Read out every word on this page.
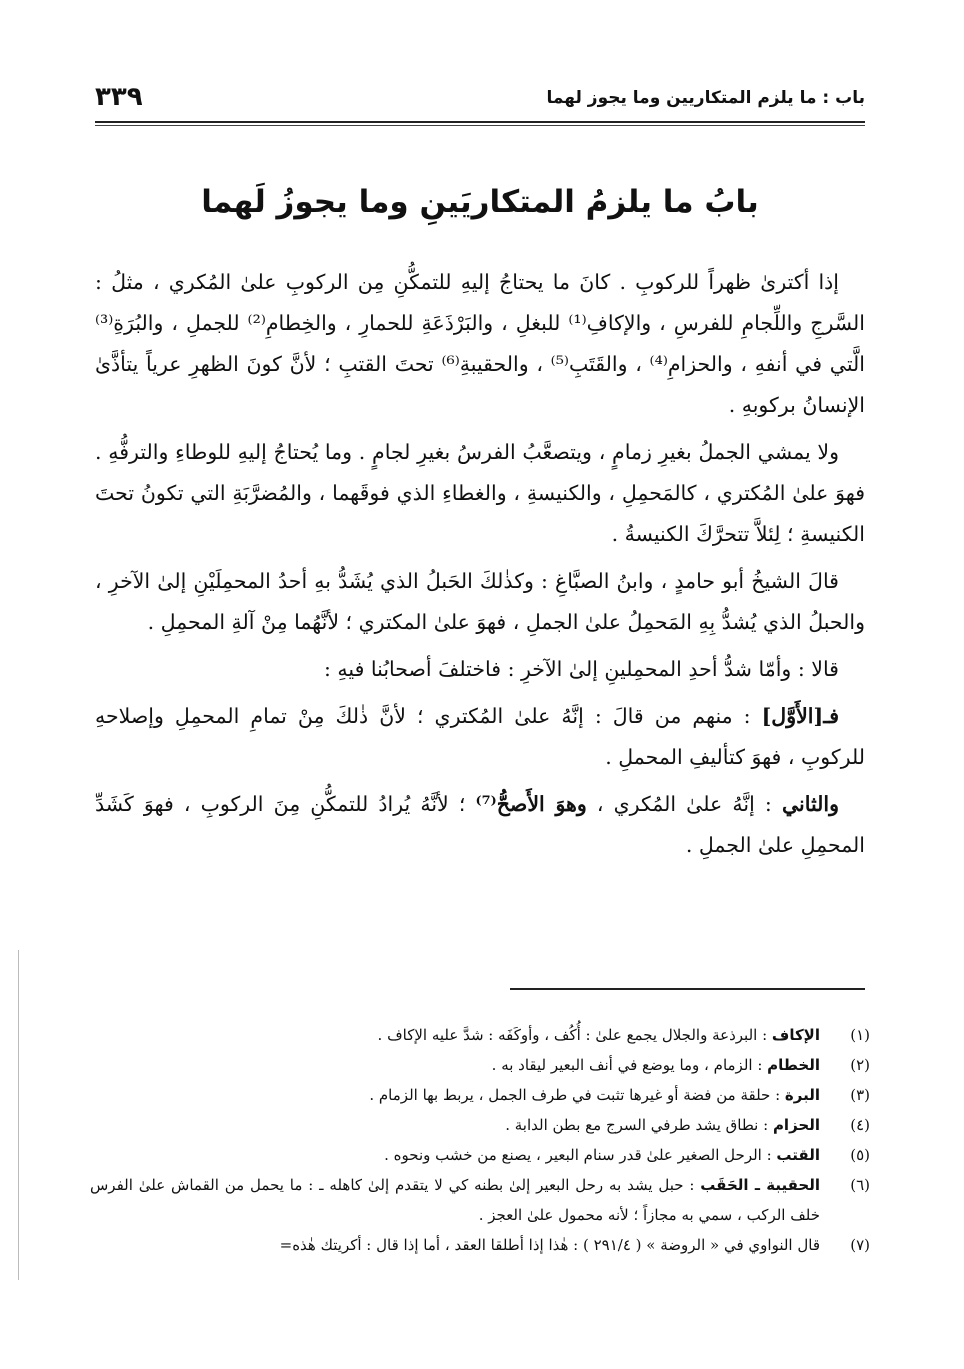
باب : ما يلزم المتكاريين وما يجوز لهما
٣٣٩
بابُ ما يلزمُ المتكاريَينِ وما يجوزُ لَهما

إذا أكترىٰ ظهراً للركوبِ . كانَ ما يحتاجُ إليهِ للتمكُّنِ مِن الركوبِ علىٰ المُكري ، مثلُ : السَّرجِ واللِّجامِ للفرسِ ، والإكافِ⁽¹⁾ للبغلِ ، والبَرْذَعَةِ للحمارِ ، والخِطامِ⁽²⁾ للجملِ ، والبُرَةِ⁽³⁾ الَّتي في أنفهِ ، والحزامِ⁽⁴⁾ ، والقَتَبِ⁽⁵⁾ ، والحقيبةِ⁽⁶⁾ تحتَ القتبِ ؛ لأنَّ كونَ الظهرِ عرياً يتأذَّىٰ الإنسانُ بركوبهِ .

ولا يمشي الجملُ بغيرِ زمامٍ ، ويتصعَّبُ الفرسُ بغيرِ لجامٍ . وما يُحتاجُ إليهِ للوطاءِ والترفُّهِ . فهوَ علىٰ المُكتري ، كالمَحمِلِ ، والكنيسةِ ، والغطاءِ الذي فوقَهما ، والمُضرَّبَةِ التي تكونُ تحتَ الكنيسةِ ؛ لِئلاَّ تتحرَّكَ الكنيسةُ .

قالَ الشيخُ أبو حامدٍ ، وابنُ الصبَّاغِ : وكذٰلكَ الحَبلُ الذي يُشَدُّ بهِ أحدُ المحمِلَيْنِ إلىٰ الآخرِ ، والحبلُ الذي يُشدُّ بِهِ المَحمِلُ علىٰ الجملِ ، فهوَ علىٰ المكتري ؛ لأنَّهُما مِنْ آلةِ المحمِلِ .

قالا : وأمّا شدُّ أحدِ المحمِلينِ إلىٰ الآخرِ : فاختلفَ أصحابُنا فيهِ :

فـ[الأَوَّل] : منهم من قالَ : إنَّهُ علىٰ المُكتري ؛ لأنَّ ذٰلكَ مِنْ تمامِ المحمِلِ وإصلاحهِ للركوبِ ، فهوَ كتأليفِ المحملِ .

والثاني : إنَّهُ علىٰ المُكري ، وهوَ الأَصحُّ⁽⁷⁾ ؛ لأنَّهُ يُرادُ للتمكُّنِ مِنَ الركوبِ ، فهوَ كَشَدِّ المحمِلِ علىٰ الجملِ .

(١)
الإكاف : البرذعة والجلال يجمع علىٰ : أُكُف ، وأوكَفَه : شدَّ عليه الإكاف .
(٢)
الخطام : الزمام ، وما يوضع في أنف البعير ليقاد به .
(٣)
البرة : حلقة من فضة أو غيرها تثبت في طرف الجمل ، يربط بها الزمام .
(٤)
الحزام : نطاق يشد طرفي السرج مع بطن الدابة .
(٥)
القتب : الرحل الصغير علىٰ قدر سنام البعير ، يصنع من خشب ونحوه .
(٦)
الحقيبة ـ الحَقَب : حبل يشد به رحل البعير إلىٰ بطنه كي لا يتقدم إلىٰ كاهله ـ : ما يحمل من القماش علىٰ الفرس خلف الركب ، سمي به مجازاً ؛ لأنه محمول علىٰ العجز .
(٧)
قال النواوي في « الروضة » ( ٢٩١/٤ ) : هٰذا إذا أطلقا العقد ، أما إذا قال : أكريتك هٰذه=
